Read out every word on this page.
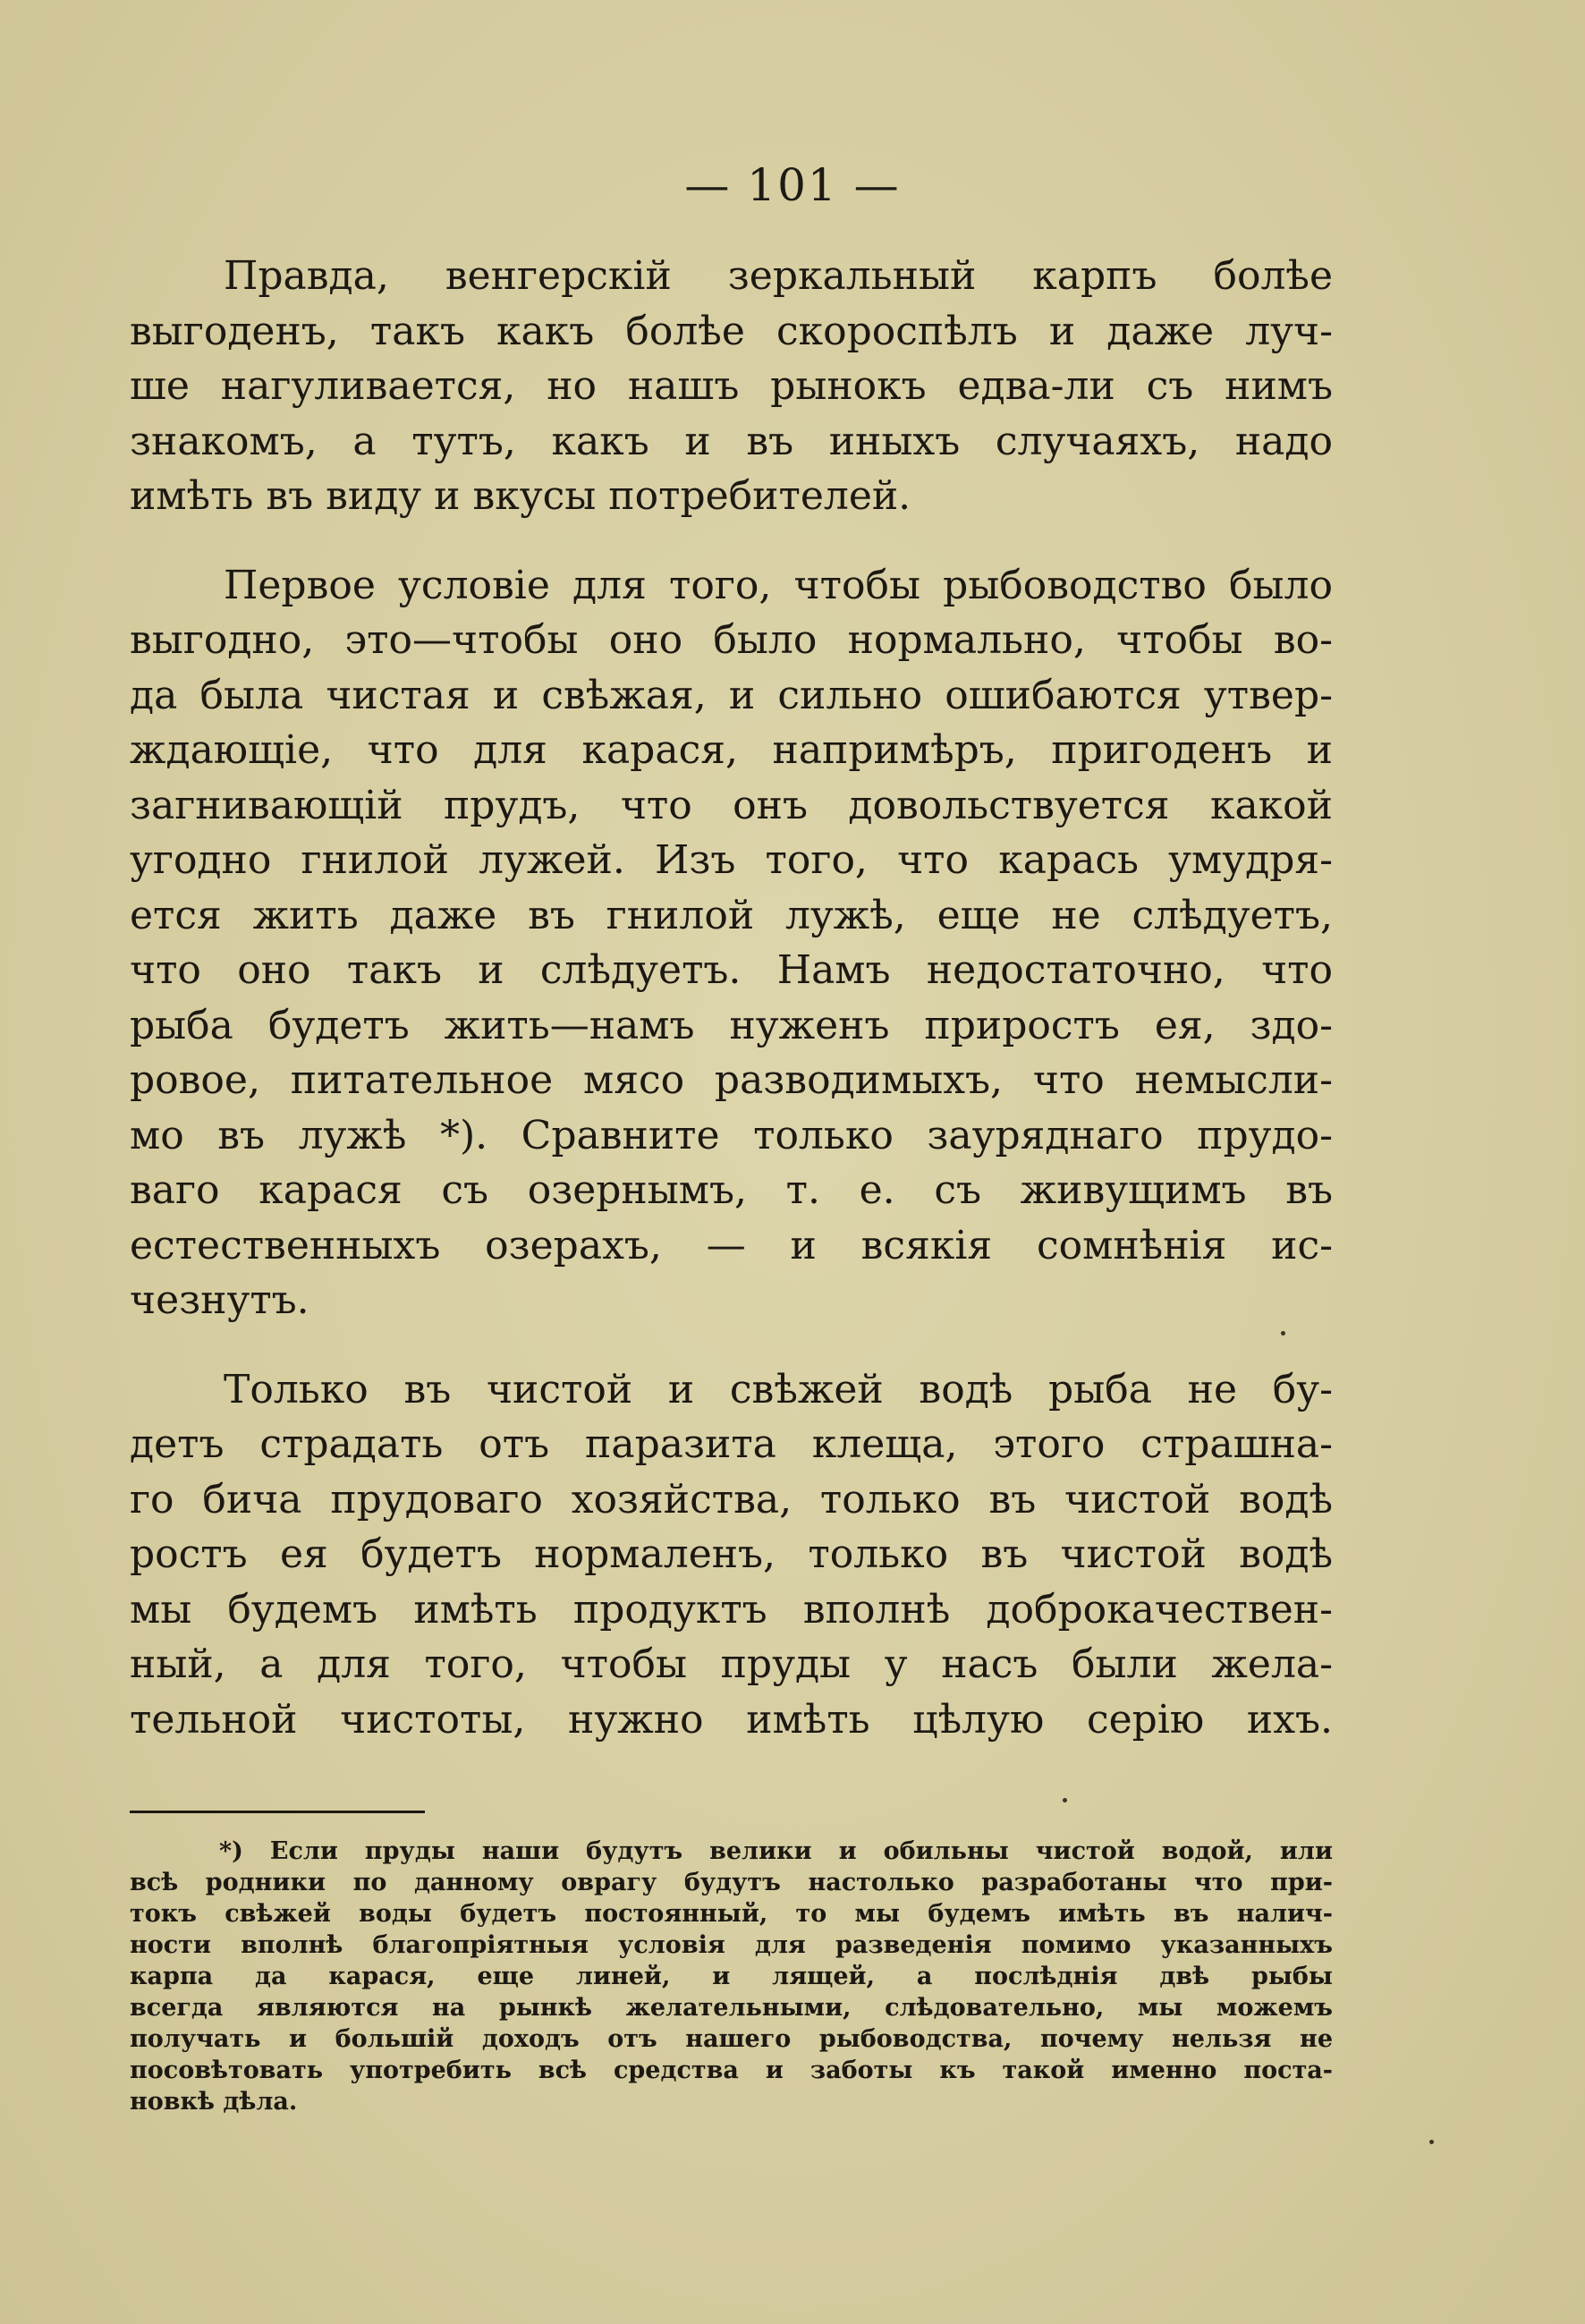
— 101 —
Правда, венгерскій зеркальный карпъ болѣе
выгоденъ, такъ какъ болѣе скороспѣлъ и даже луч-
ше нагуливается, но нашъ рынокъ едва-ли съ нимъ
знакомъ, а тутъ, какъ и въ иныхъ случаяхъ, надо
имѣть въ виду и вкусы потребителей.
Первое условіе для того, чтобы рыбоводство было
выгодно, это—чтобы оно было нормально, чтобы во-
да была чистая и свѣжая, и сильно ошибаются утвер-
ждающіе, что для карася, напримѣръ, пригоденъ и
загнивающій прудъ, что онъ довольствуется какой
угодно гнилой лужей. Изъ того, что карась умудря-
ется жить даже въ гнилой лужѣ, еще не слѣдуетъ,
что оно такъ и слѣдуетъ. Намъ недостаточно, что
рыба будетъ жить—намъ нуженъ приростъ ея, здо-
ровое, питательное мясо разводимыхъ, что немысли-
мо въ лужѣ *). Сравните только зауряднаго прудо-
ваго карася съ озернымъ, т. е. съ живущимъ въ
естественныхъ озерахъ, — и всякія сомнѣнія ис-
чезнутъ.
Только въ чистой и свѣжей водѣ рыба не бу-
детъ страдать отъ паразита клеща, этого страшна-
го бича прудоваго хозяйства, только въ чистой водѣ
ростъ ея будетъ нормаленъ, только въ чистой водѣ
мы будемъ имѣть продуктъ вполнѣ доброкачествен-
ный, а для того, чтобы пруды у насъ были жела-
тельной чистоты, нужно имѣть цѣлую серію ихъ.
*) Если пруды наши будутъ велики и обильны чистой водой, или
всѣ родники по данному оврагу будутъ настолько разработаны что при-
токъ свѣжей воды будетъ постоянный, то мы будемъ имѣть въ налич-
ности вполнѣ благопріятныя условія для разведенія помимо указанныхъ
карпа да карася, еще линей, и лящей, а послѣднія двѣ рыбы
всегда являются на рынкѣ желательными, слѣдовательно, мы можемъ
получать и большій доходъ отъ нашего рыбоводства, почему нельзя не
посовѣтовать употребить всѣ средства и заботы къ такой именно поста-
новкѣ дѣла.
